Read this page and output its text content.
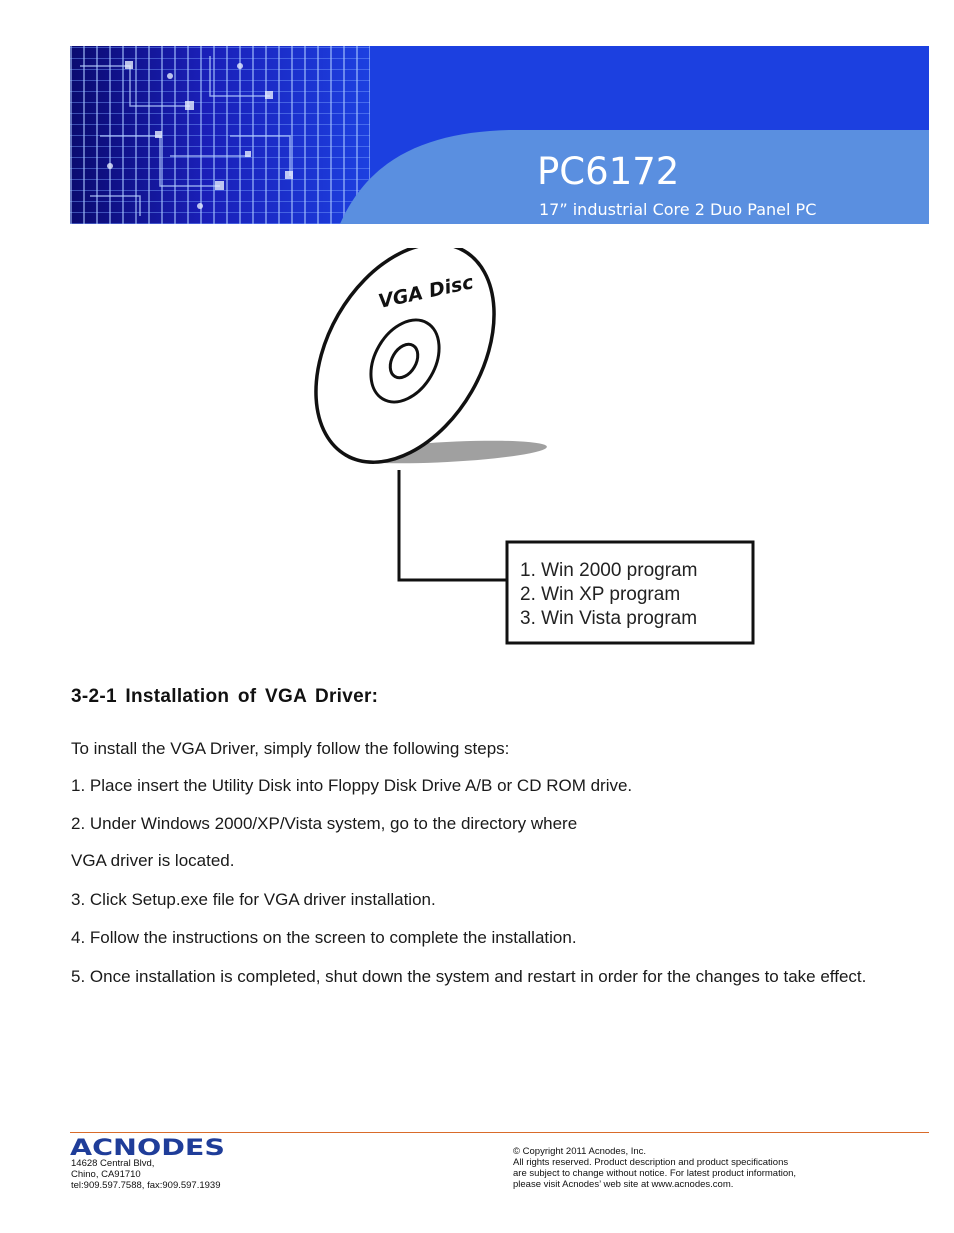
PC6172
17” industrial Core 2 Duo Panel PC
VGA Disc
1. Win 2000 program
2. Win XP program
3. Win Vista program
3-2-1 Installation of VGA Driver:

To install the VGA Driver, simply follow the following steps:

1. Place insert the Utility Disk into Floppy Disk Drive A/B or CD ROM drive.

2. Under Windows 2000/XP/Vista system, go to the directory where

VGA driver is located.

3. Click Setup.exe file for VGA driver installation.

4. Follow the instructions on the screen to complete the installation.

5. Once installation is completed, shut down the system and restart in order for the changes to take effect.

ACNODES
14628 Central Blvd,
Chino, CA91710
tel:909.597.7588, fax:909.597.1939
© Copyright 2011 Acnodes, Inc.
All rights reserved. Product description and product specifications
are subject to change without notice. For latest product information,
please visit Acnodes’ web site at www.acnodes.com.
